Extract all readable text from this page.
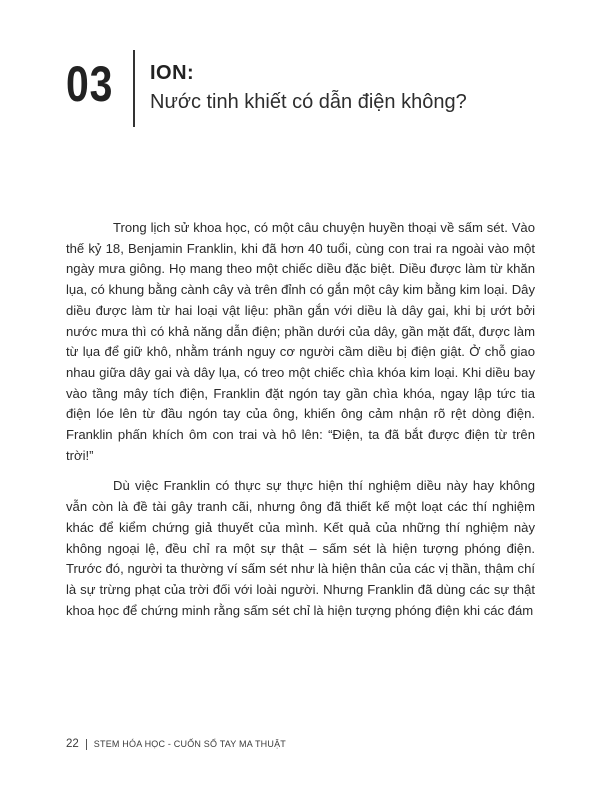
03 ION:
Nước tinh khiết có dẫn điện không?

Trong lịch sử khoa học, có một câu chuyện huyền thoại về sấm sét. Vào thế kỷ 18, Benjamin Franklin, khi đã hơn 40 tuổi, cùng con trai ra ngoài vào một ngày mưa giông. Họ mang theo một chiếc diều đặc biệt. Diều được làm từ khăn lụa, có khung bằng cành cây và trên đỉnh có gắn một cây kim bằng kim loại. Dây diều được làm từ hai loại vật liệu: phần gắn với diều là dây gai, khi bị ướt bởi nước mưa thì có khả năng dẫn điện; phần dưới của dây, gần mặt đất, được làm từ lụa để giữ khô, nhằm tránh nguy cơ người cầm diều bị điện giật. Ở chỗ giao nhau giữa dây gai và dây lụa, có treo một chiếc chìa khóa kim loại. Khi diều bay vào tầng mây tích điện, Franklin đặt ngón tay gần chìa khóa, ngay lập tức tia điện lóe lên từ đầu ngón tay của ông, khiến ông cảm nhận rõ rệt dòng điện. Franklin phấn khích ôm con trai và hô lên: “Điện, ta đã bắt được điện từ trên trời!”

Dù việc Franklin có thực sự thực hiện thí nghiệm diều này hay không vẫn còn là đề tài gây tranh cãi, nhưng ông đã thiết kế một loạt các thí nghiệm khác để kiểm chứng giả thuyết của mình. Kết quả của những thí nghiệm này không ngoại lệ, đều chỉ ra một sự thật – sấm sét là hiện tượng phóng điện. Trước đó, người ta thường ví sấm sét như là hiện thân của các vị thần, thậm chí là sự trừng phạt của trời đối với loài người. Nhưng Franklin đã dùng các sự thật khoa học để chứng minh rằng sấm sét chỉ là hiện tượng phóng điện khi các đám

22 STEM HÓA HỌC - CUỐN SỔ TAY MA THUẬT
